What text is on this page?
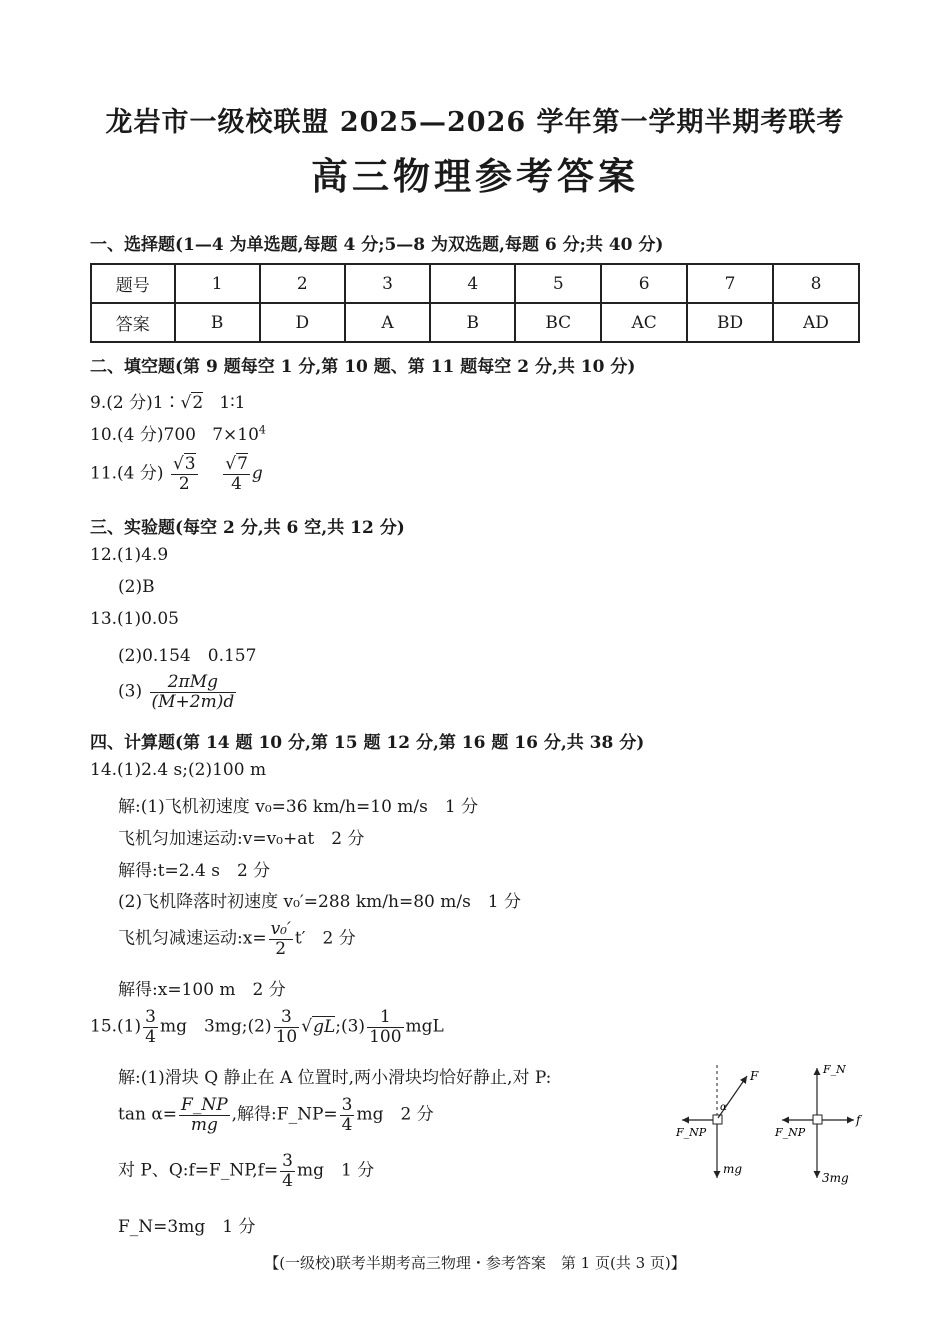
龙岩市一级校联盟 2025—2026 学年第一学期半期考联考
高三物理参考答案
一、选择题(1—4 为单选题,每题 4 分;5—8 为双选题,每题 6 分;共 40 分)
题号	1	2	3	4	5	6	7	8
答案	B	D	A	B	BC	AC	BD	AD
二、填空题(第 9 题每空 1 分,第 10 题、第 11 题每空 2 分,共 10 分)
9.(2 分)1∶√2 1∶1
10.(4 分)700 $7\times 10^4$
11.(4 分) $\frac{√3}{2}$
$\frac{√7}{4}$ g
三、实验题(每空 2 分,共 6 空,共 12 分)
12.(1)4.9
(2)B
13.(1)0.05
(2)0.154　0.157
$(3) \frac{\text{2πMg}}{(M+2m)d}$
四、计算题(第 14 题 10 分,第 15 题 12 分,第 16 题 16 分,共 38 分)
14.(1)2.4 s;(2)100 m
解:(1)飞机初速度 v₀=36 km/h=10 m/s　1 分
飞机匀加速运动:v=v₀+at　2 分
解得:t=2.4 s　2 分
(2)飞机降落时初速度 v₀′=288 km/h=80 m/s　1 分
飞机匀减速运动:x= $\frac{\text{v₀′}}{2} t'$　2 分
解得:x=100 m　2 分
$15.(1) \frac{3}{4}$ mg　3mg;(2) $\frac{3}{10}$ √gL;(3) $\frac{1}{100}$ mgL
解:(1)滑块 Q 静止在 A 位置时,两小滑块均恰好静止,对 P:
$\tan \alpha= \frac{F\_NP}{mg}$ ,解得:F_NP= $\frac{3}{4}$ mg　2 分
对 P、Q:f=F_NP,f= $\frac{3}{4}$ mg　1 分
F_N=3mg　1 分
F
α
F_NP
mg
F_N
f
F_NP
3mg
【(一级校)联考半期考高三物理・参考答案　第 1 页(共 3 页)】
